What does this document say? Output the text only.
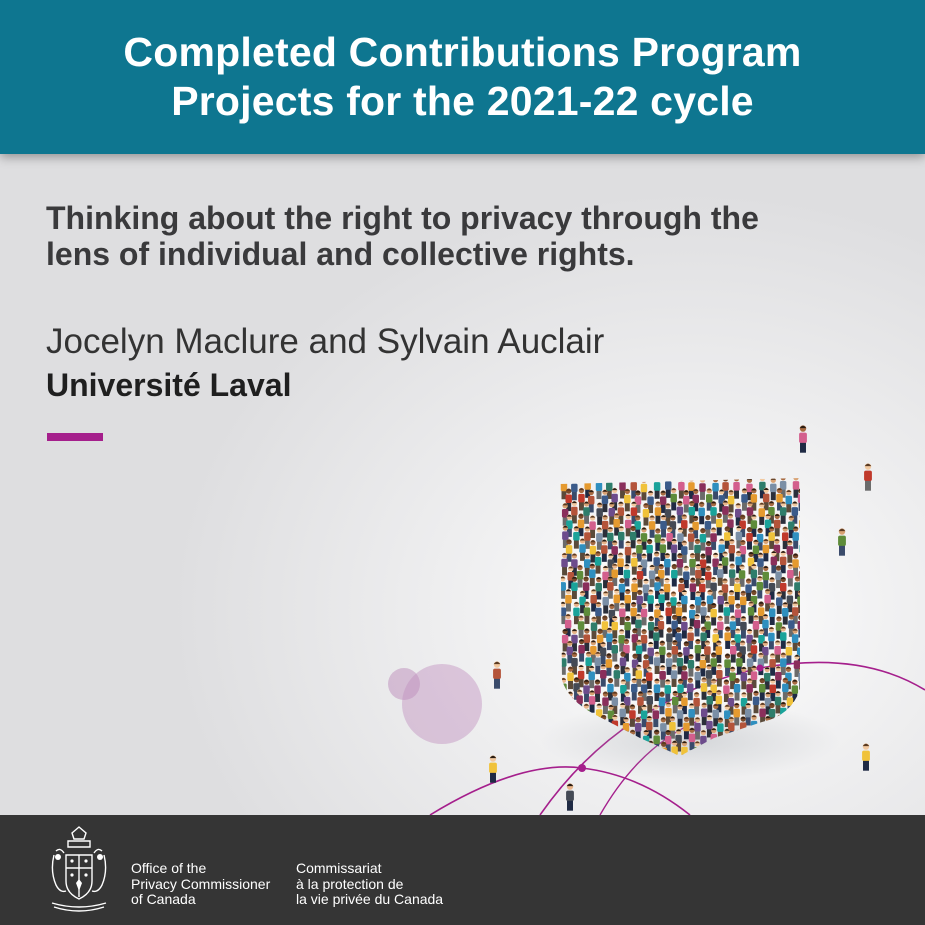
Completed Contributions Program
Projects for the 2021-22 cycle
Thinking about the right to privacy through the
lens of individual and collective rights.
Jocelyn Maclure and Sylvain Auclair
Université Laval
Office of the
Privacy Commissioner
of Canada
Commissariat
à la protection de
la vie privée du Canada
